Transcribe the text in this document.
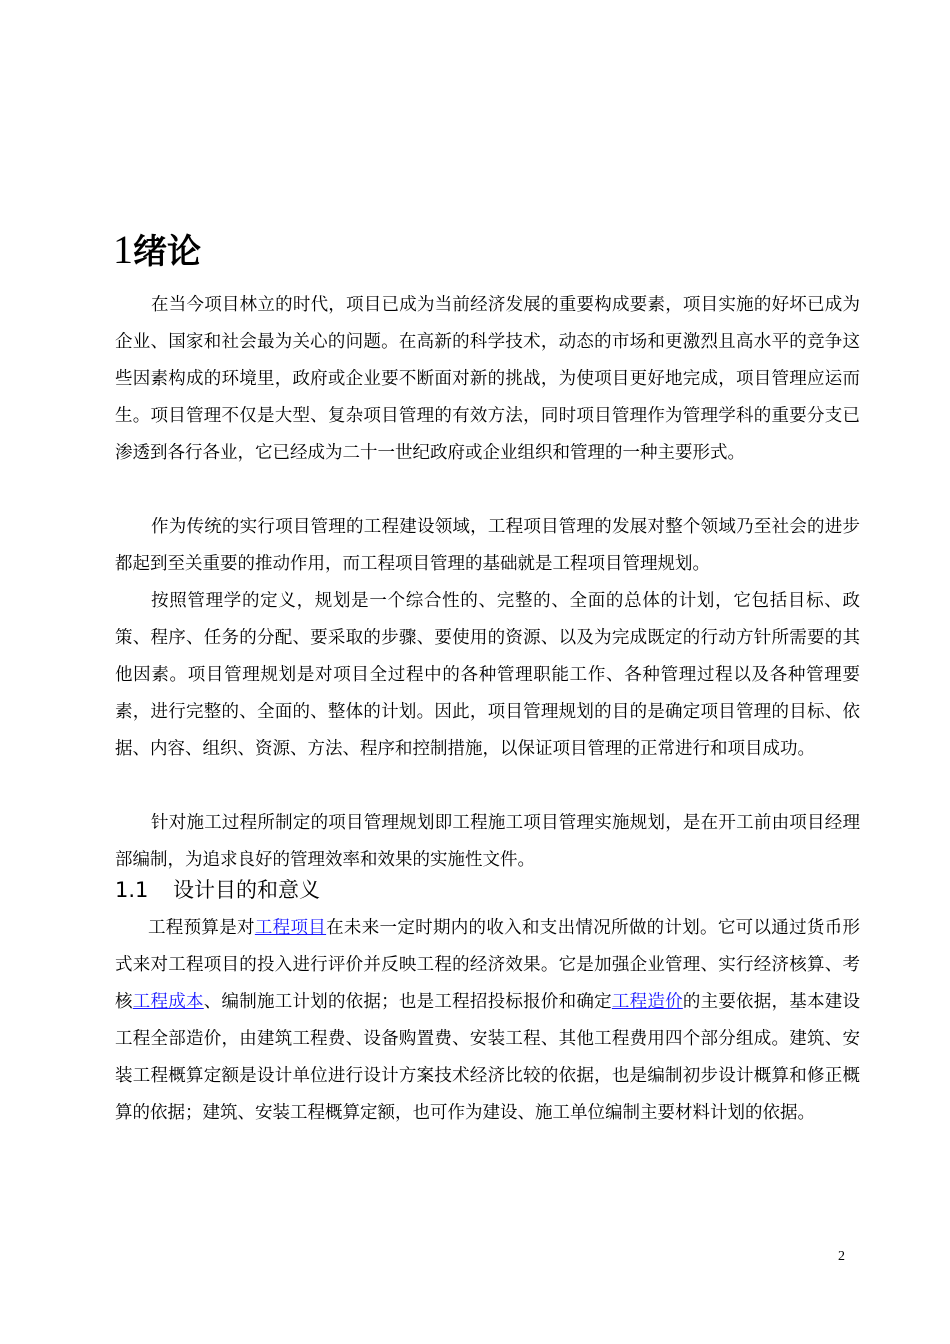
1绪论

在当今项目林立的时代，项目已成为当前经济发展的重要构成要素，项目实施的好坏已成为企业、国家和社会最为关心的问题。在高新的科学技术，动态的市场和更激烈且高水平的竞争这些因素构成的环境里，政府或企业要不断面对新的挑战，为使项目更好地完成，项目管理应运而生。项目管理不仅是大型、复杂项目管理的有效方法，同时项目管理作为管理学科的重要分支已渗透到各行各业，它已经成为二十一世纪政府或企业组织和管理的一种主要形式。

作为传统的实行项目管理的工程建设领域，工程项目管理的发展对整个领域乃至社会的进步都起到至关重要的推动作用，而工程项目管理的基础就是工程项目管理规划。

按照管理学的定义，规划是一个综合性的、完整的、全面的总体的计划，它包括目标、政策、程序、任务的分配、要采取的步骤、要使用的资源、以及为完成既定的行动方针所需要的其他因素。项目管理规划是对项目全过程中的各种管理职能工作、各种管理过程以及各种管理要素，进行完整的、全面的、整体的计划。因此，项目管理规划的目的是确定项目管理的目标、依据、内容、组织、资源、方法、程序和控制措施，以保证项目管理的正常进行和项目成功。

针对施工过程所制定的项目管理规划即工程施工项目管理实施规划，是在开工前由项目经理部编制，为追求良好的管理效率和效果的实施性文件。

1.1 设计目的和意义

工程预算是对工程项目在未来一定时期内的收入和支出情况所做的计划。它可以通过货币形式来对工程项目的投入进行评价并反映工程的经济效果。它是加强企业管理、实行经济核算、考核工程成本、编制施工计划的依据；也是工程招投标报价和确定工程造价的主要依据，基本建设工程全部造价，由建筑工程费、设备购置费、安装工程、其他工程费用四个部分组成。建筑、安装工程概算定额是设计单位进行设计方案技术经济比较的依据，也是编制初步设计概算和修正概算的依据；建筑、安装工程概算定额，也可作为建设、施工单位编制主要材料计划的依据。

2
